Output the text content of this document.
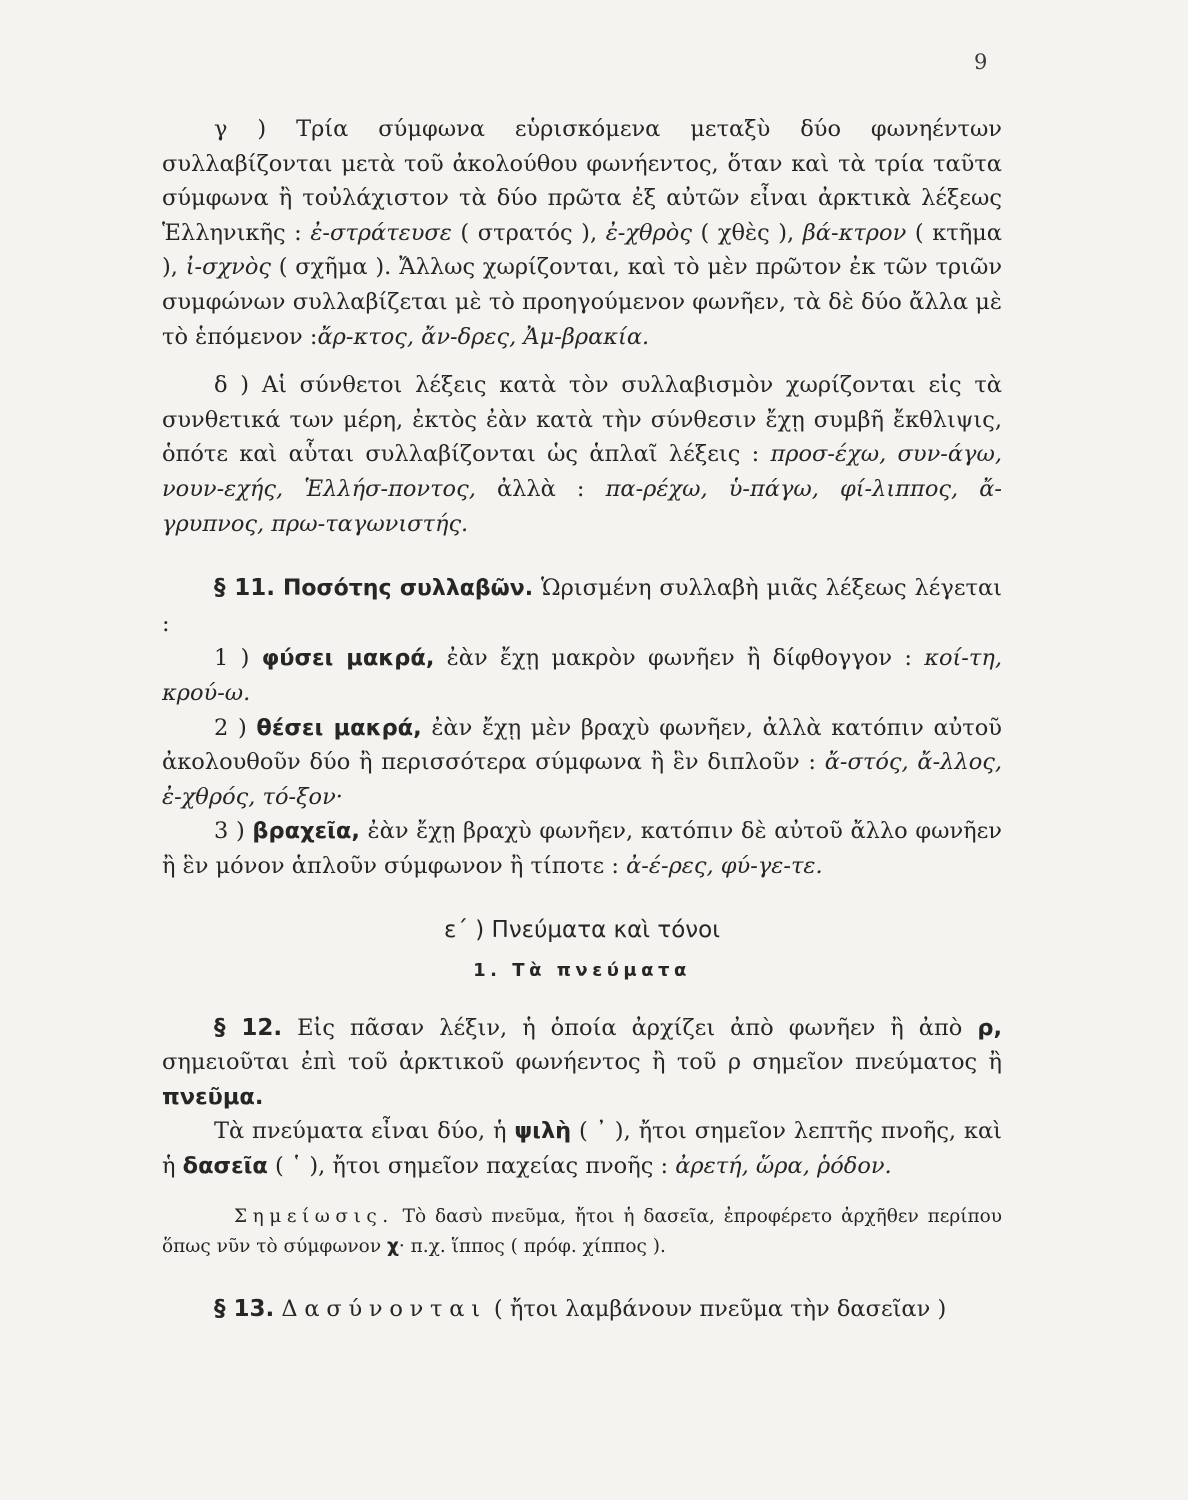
9

γ ) Τρία σύμφωνα εὑρισκόμενα μεταξὺ δύο φωνηέντων συλλαβίζονται μετὰ τοῦ ἀκολούθου φωνήεντος, ὅταν καὶ τὰ τρία ταῦτα σύμφωνα ἢ τοὐλάχιστον τὰ δύο πρῶτα ἐξ αὐτῶν εἶναι ἀρκτικὰ λέξεως Ἑλληνικῆς : ἐ-στράτευσε ( στρατός ), ἐ-χθρὸς ( χθὲς ), βά-κτρον ( κτῆμα ), ἰ-σχνὸς ( σχῆμα ). Ἄλλως χωρίζονται, καὶ τὸ μὲν πρῶτον ἐκ τῶν τριῶν συμφώνων συλλαβίζεται μὲ τὸ προηγούμενον φωνῆεν, τὰ δὲ δύο ἄλλα μὲ τὸ ἑπόμενον :ἄρ-κτος, ἄν-δρες, Ἀμ-βρακία.

δ ) Αἱ σύνθετοι λέξεις κατὰ τὸν συλλαβισμὸν χωρίζονται εἰς τὰ συνθετικά των μέρη, ἐκτὸς ἐὰν κατὰ τὴν σύνθεσιν ἔχῃ συμβῆ ἔκθλιψις, ὁπότε καὶ αὗται συλλαβίζονται ὡς ἁπλαῖ λέξεις : προσ-έχω, συν-άγω, νουν-εχής, Ἑλλήσ-ποντος, ἀλλὰ : πα-ρέχω, ὑ-πάγω, φί-λιππος, ἄ-γρυπνος, πρω-ταγωνιστής.

§ 11. Ποσότης συλλαβῶν. Ὡρισμένη συλλαβὴ μιᾶς λέξεως λέγεται :

1 ) φύσει μακρά, ἐὰν ἔχῃ μακρὸν φωνῆεν ἢ δίφθογγον : κοί-τη, κρού-ω.

2 ) θέσει μακρά, ἐὰν ἔχῃ μὲν βραχὺ φωνῆεν, ἀλλὰ κατόπιν αὐτοῦ ἀκολουθοῦν δύο ἢ περισσότερα σύμφωνα ἢ ἓν διπλοῦν : ἄ-στός, ἄ-λλος, ἐ-χθρός, τό-ξον·

3 ) βραχεῖα, ἐὰν ἔχῃ βραχὺ φωνῆεν, κατόπιν δὲ αὐτοῦ ἄλλο φωνῆεν ἢ ἓν μόνον ἁπλοῦν σύμφωνον ἢ τίποτε : ἀ-έ-ρες, φύ-γε-τε.

ε΄ ) Πνεύματα καὶ τόνοι

1. Τὰ πνεύματα

§ 12. Εἰς πᾶσαν λέξιν, ἡ ὁποία ἀρχίζει ἀπὸ φωνῆεν ἢ ἀπὸ ρ, σημειοῦται ἐπὶ τοῦ ἀρκτικοῦ φωνήεντος ἢ τοῦ ρ σημεῖον πνεύματος ἢ πνεῦμα.

Τὰ πνεύματα εἶναι δύο, ἡ ψιλὴ ( ᾿ ), ἤτοι σημεῖον λεπτῆς πνοῆς, καὶ ἡ δασεῖα ( ῾ ), ἤτοι σημεῖον παχείας πνοῆς : ἀρετή, ὥρα, ῥόδον.

Σημείωσις. Τὸ δασὺ πνεῦμα, ἤτοι ἡ δασεῖα, ἐπροφέρετο ἀρχῆθεν περίπου ὅπως νῦν τὸ σύμφωνον χ· π.χ. ἵππος ( πρόφ. χίππος ).

§ 13. Δασύνονται ( ἤτοι λαμβάνουν πνεῦμα τὴν δασεῖαν )
